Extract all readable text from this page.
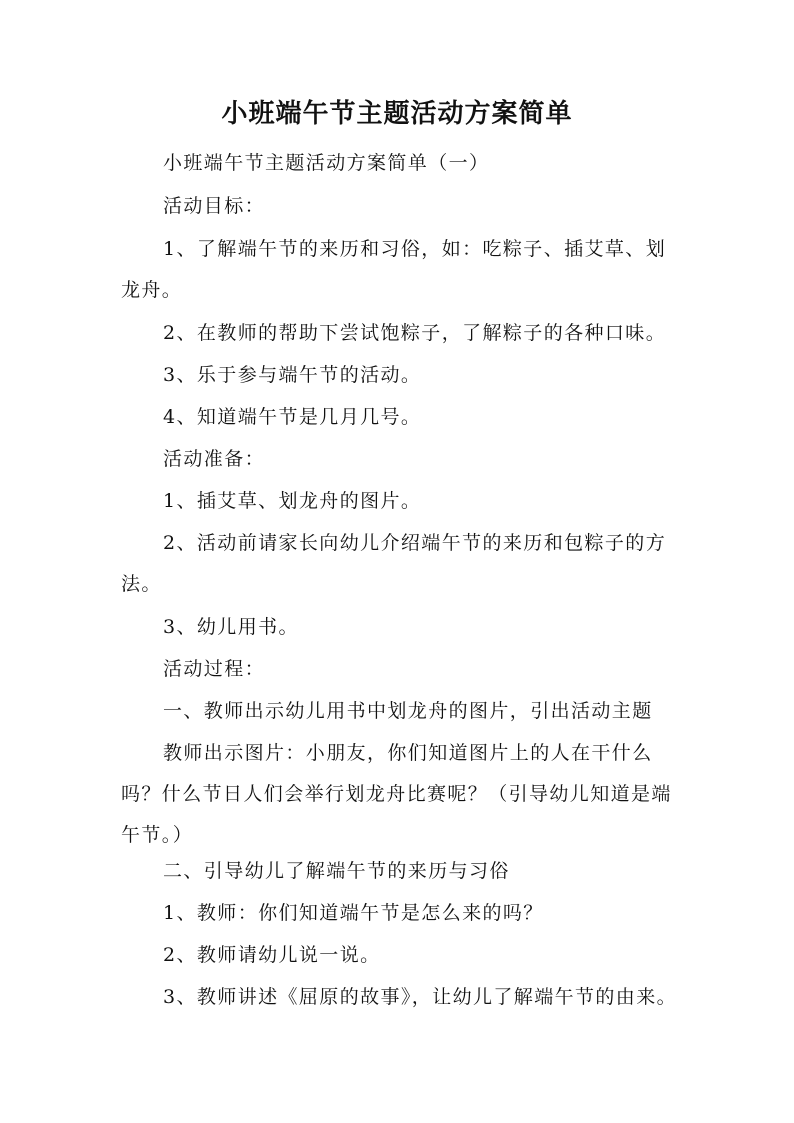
小班端午节主题活动方案简单
小班端午节主题活动方案简单（一）
活动目标：
1、了解端午节的来历和习俗，如：吃粽子、插艾草、划龙舟。
2、在教师的帮助下尝试饱粽子，了解粽子的各种口味。
3、乐于参与端午节的活动。
4、知道端午节是几月几号。
活动准备：
1、插艾草、划龙舟的图片。
2、活动前请家长向幼儿介绍端午节的来历和包粽子的方法。
3、幼儿用书。
活动过程：
一、教师出示幼儿用书中划龙舟的图片，引出活动主题
教师出示图片：小朋友，你们知道图片上的人在干什么吗？什么节日人们会举行划龙舟比赛呢？（引导幼儿知道是端午节。）
二、引导幼儿了解端午节的来历与习俗
1、教师：你们知道端午节是怎么来的吗？
2、教师请幼儿说一说。
3、教师讲述《屈原的故事》，让幼儿了解端午节的由来。
